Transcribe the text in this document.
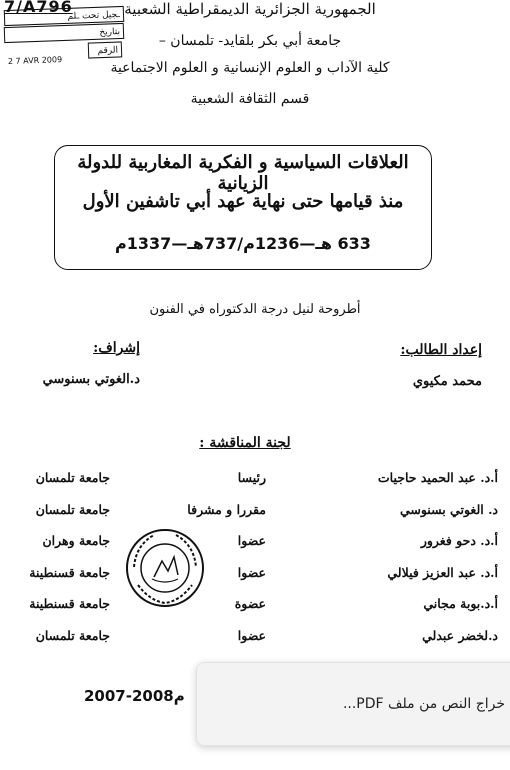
7/A796
ـجيل تحت ـلم
بتاريخ
2 7 AVR 2009
الرقم
الجمهورية الجزائرية الديمقراطية الشعبية
جامعة أبي بكر بلقايد- تلمسان –
كلية الآداب و العلوم الإنسانية و العلوم الاجتماعية
قسم الثقافة الشعبية
العلاقات السياسية و الفكرية المغاربية للدولة الزيانية
منذ قيامها حتى نهاية عهد أبي تاشفين الأول
633 هـ—1236م/737هـ—1337م
أطروحة لنيل درجة الدكتوراه في الفنون
إعداد الطالب:
محمد مكيوي
إشراف:
د.الغوتي بسنوسي
لجنة المناقشة :
أ.د. عبد الحميد حاجيات
رئيسا
جامعة تلمسان
د. الغوتي بسنوسي
مقررا و مشرفا
جامعة تلمسان
أ.د. دحو فغرور
عضوا
جامعة وهران
أ.د. عبد العزيز فيلالي
عضوا
جامعة قسنطينة
أ.د.بوبة مجاني
عضوة
جامعة قسنطينة
د.لخضر عبدلي
عضوا
جامعة تلمسان
2007-2008م	خراج النص من ملف PDF...
